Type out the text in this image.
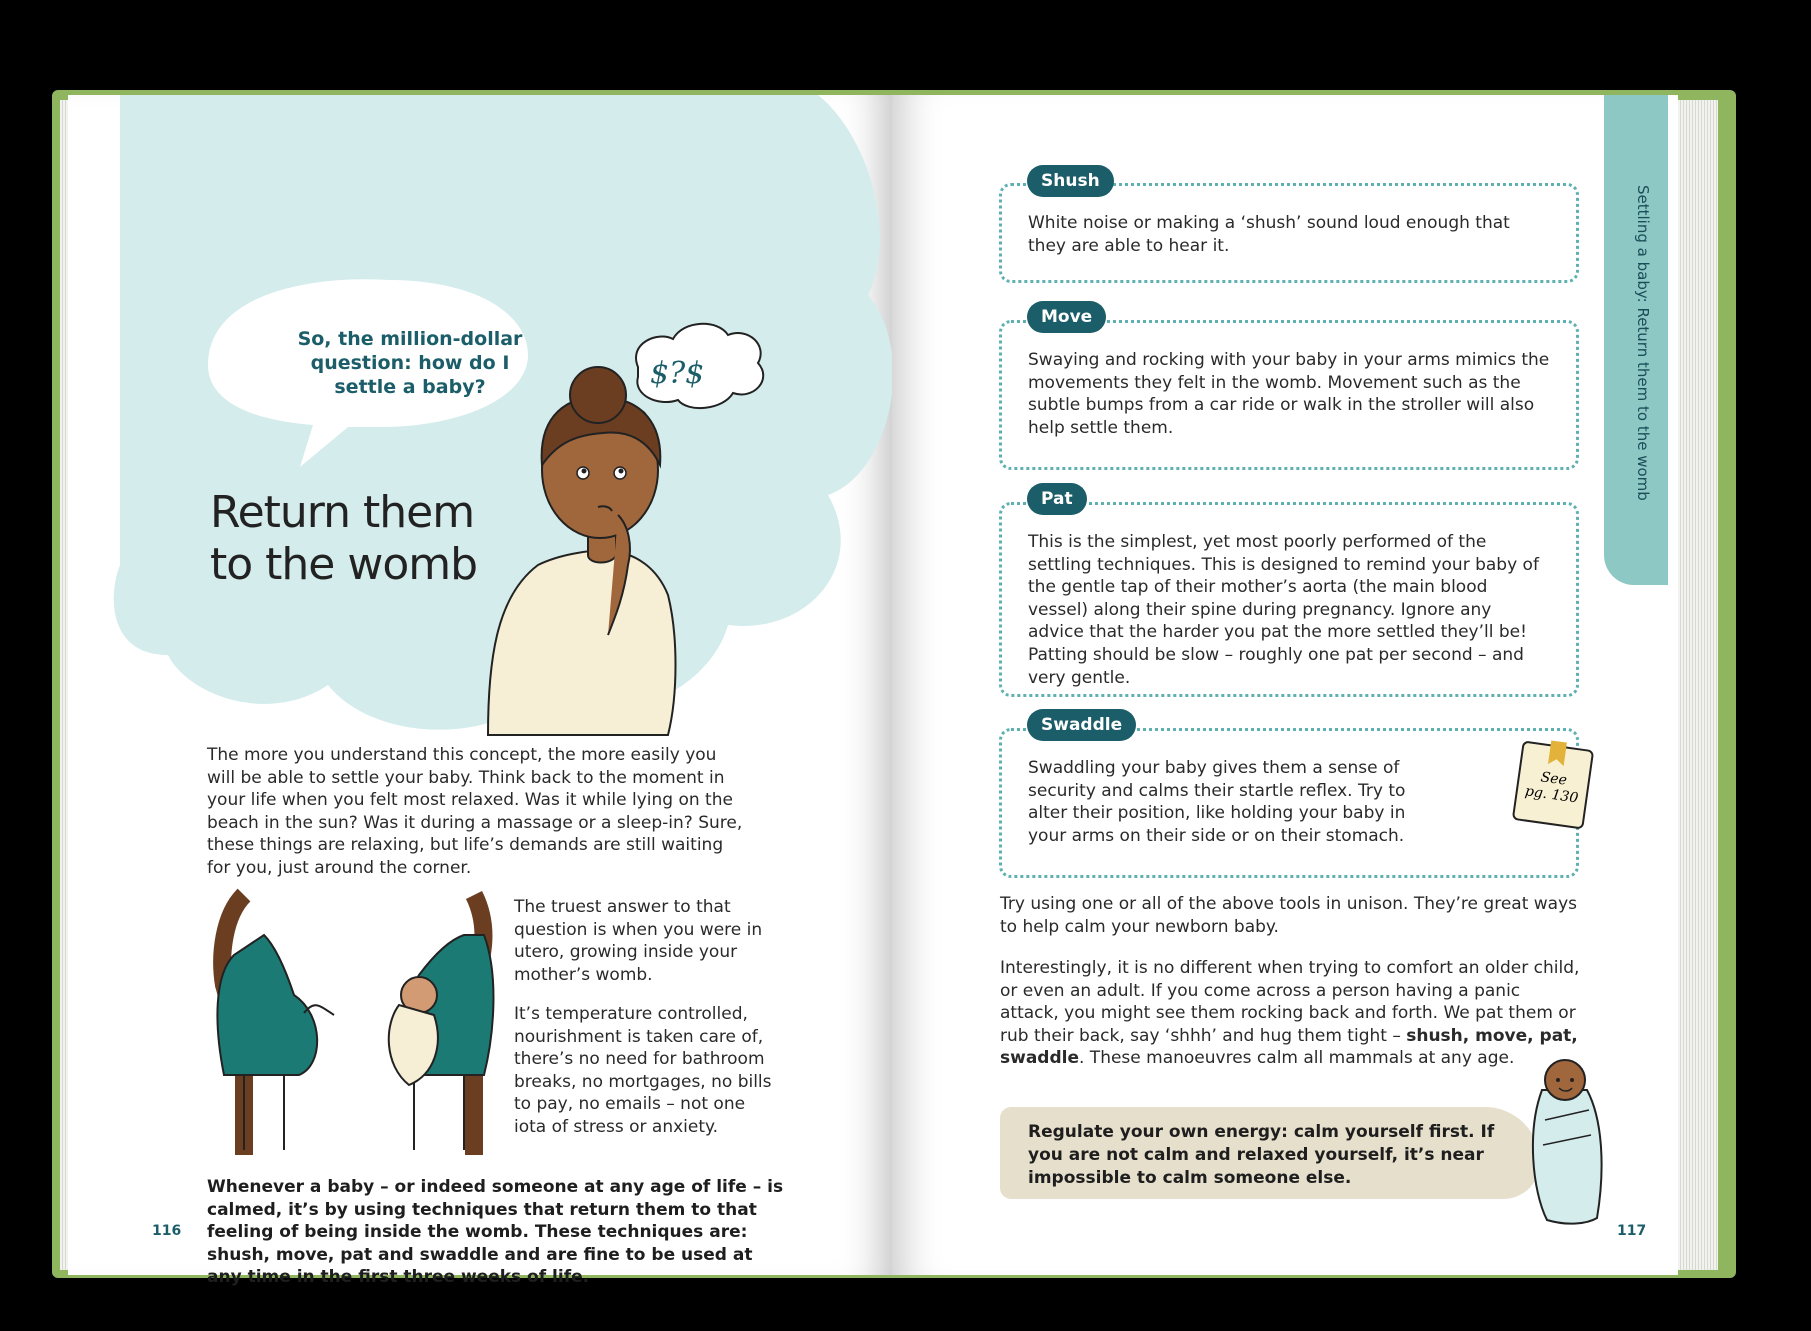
$?$
So, the million-dollar question: how do I settle a baby?
Return them
to the womb
The more you understand this concept, the more easily you will be able to settle your baby. Think back to the moment in your life when you felt most relaxed. Was it while lying on the beach in the sun? Was it during a massage or a sleep-in? Sure, these things are relaxing, but life’s demands are still waiting for you, just around the corner.
The truest answer to that question is when you were in utero, growing inside your mother’s womb.
It’s temperature controlled, nourishment is taken care of, there’s no need for bathroom breaks, no mortgages, no bills to pay, no emails – not one iota of stress or anxiety.
Whenever a baby – or indeed someone at any age of life – is calmed, it’s by using techniques that return them to that feeling of being inside the womb. These techniques are: shush, move, pat and swaddle and are fine to be used at any time in the first three weeks of life.
116
Settling a baby: Return them to the womb

White noise or making a ‘shush’ sound loud enough that they are able to hear it.

Shush

Swaying and rocking with your baby in your arms mimics the movements they felt in the womb. Movement such as the subtle bumps from a car ride or walk in the stroller will also help settle them.

Move

This is the simplest, yet most poorly performed of the settling techniques. This is designed to remind your baby of the gentle tap of their mother’s aorta (the main blood vessel) along their spine during pregnancy. Ignore any advice that the harder you pat the more settled they’ll be! Patting should be slow – roughly one pat per second – and very gentle.

Pat

Swaddling your baby gives them a sense of security and calms their startle reflex. Try to alter their position, like holding your baby in your arms on their side or on their stomach.

Swaddle
See
pg. 130
Try using one or all of the above tools in unison. They’re great ways to help calm your newborn baby.
Interestingly, it is no different when trying to comfort an older child, or even an adult. If you come across a person having a panic attack, you might see them rocking back and forth. We pat them or rub their back, say ‘shhh’ and hug them tight – shush, move, pat, swaddle. These manoeuvres calm all mammals at any age.
Regulate your own energy: calm yourself first. If you are not calm and relaxed yourself, it’s near impossible to calm someone else.
117
